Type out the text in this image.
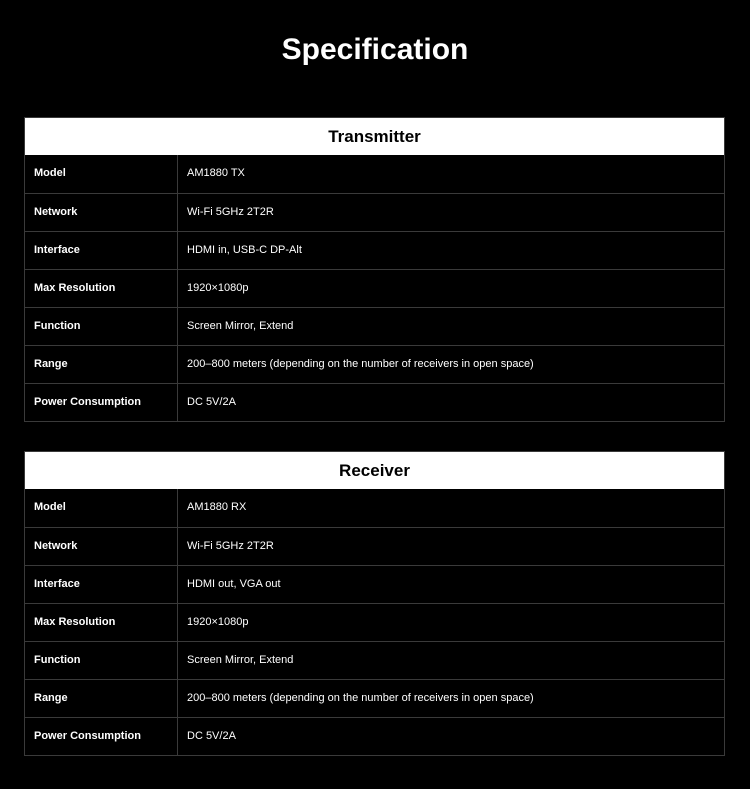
Specification
Transmitter
Model	AM1880 TX
Network	Wi-Fi 5GHz 2T2R
Interface	HDMI in, USB-C DP-Alt
Max Resolution	1920×1080p
Function	Screen Mirror, Extend
Range	200–800 meters (depending on the number of receivers in open space)
Power Consumption	DC 5V/2A
Receiver
Model	AM1880 RX
Network	Wi-Fi 5GHz 2T2R
Interface	HDMI out, VGA out
Max Resolution	1920×1080p
Function	Screen Mirror, Extend
Range	200–800 meters (depending on the number of receivers in open space)
Power Consumption	DC 5V/2A
